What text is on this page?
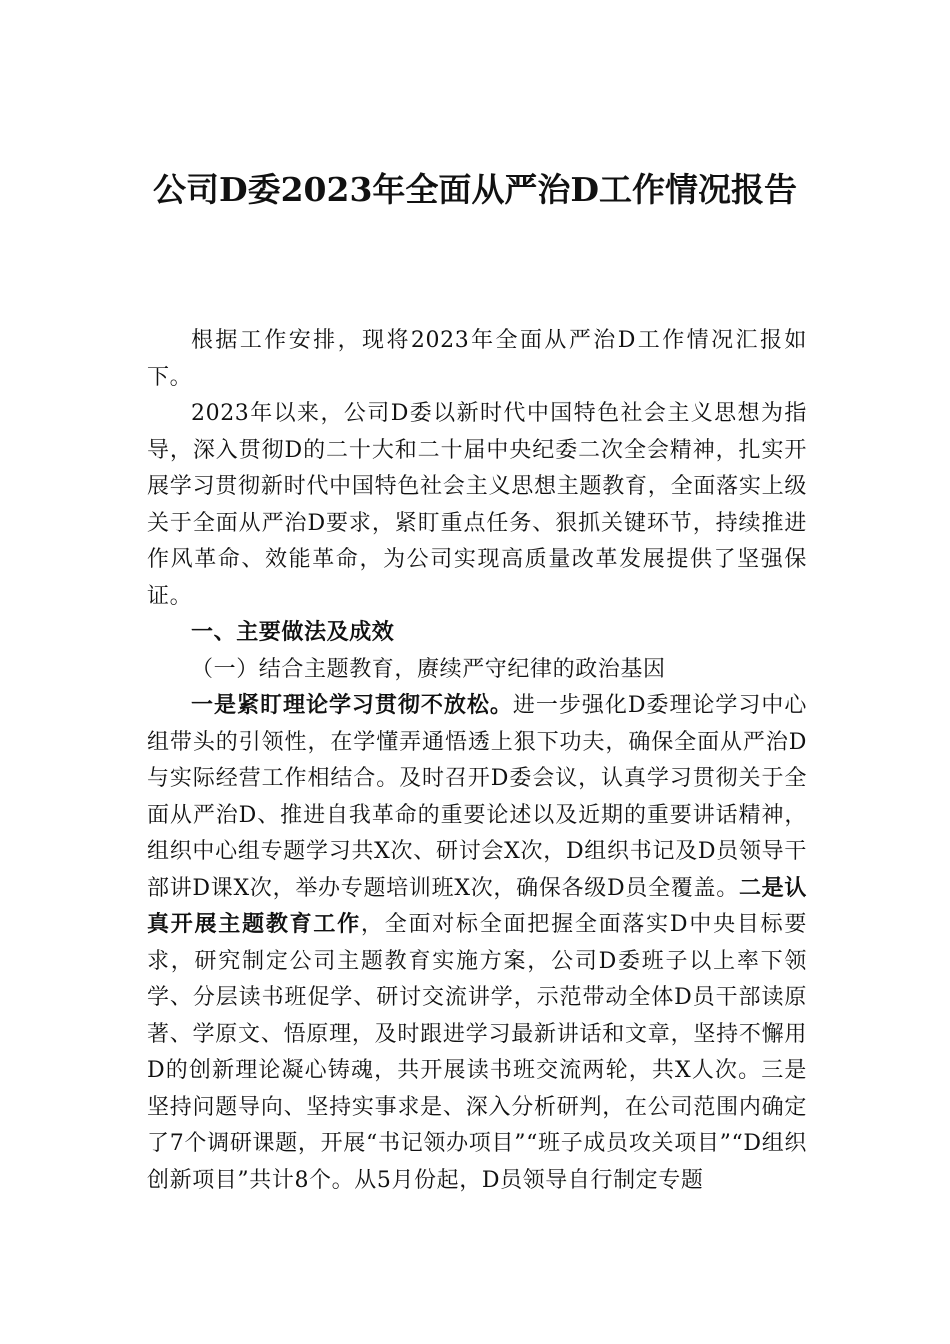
公司D委2023年全面从严治D工作情况报告

根据工作安排，现将2023年全面从严治D工作情况汇报如下。

2023年以来，公司D委以新时代中国特色社会主义思想为指导，深入贯彻D的二十大和二十届中央纪委二次全会精神，扎实开展学习贯彻新时代中国特色社会主义思想主题教育，全面落实上级关于全面从严治D要求，紧盯重点任务、狠抓关键环节，持续推进作风革命、效能革命，为公司实现高质量改革发展提供了坚强保证。

一、主要做法及成效

（一）结合主题教育，赓续严守纪律的政治基因

一是紧盯理论学习贯彻不放松。进一步强化D委理论学习中心组带头的引领性，在学懂弄通悟透上狠下功夫，确保全面从严治D与实际经营工作相结合。及时召开D委会议，认真学习贯彻关于全面从严治D、推进自我革命的重要论述以及近期的重要讲话精神，组织中心组专题学习共X次、研讨会X次，D组织书记及D员领导干部讲D课X次，举办专题培训班X次，确保各级D员全覆盖。二是认真开展主题教育工作，全面对标全面把握全面落实D中央目标要求，研究制定公司主题教育实施方案，公司D委班子以上率下领学、分层读书班促学、研讨交流讲学，示范带动全体D员干部读原著、学原文、悟原理，及时跟进学习最新讲话和文章，坚持不懈用D的创新理论凝心铸魂，共开展读书班交流两轮，共X人次。三是坚持问题导向、坚持实事求是、深入分析研判，在公司范围内确定了7个调研课题，开展“书记领办项目”“班子成员攻关项目”“D组织创新项目”共计8个。从5月份起，D员领导自行制定专题
